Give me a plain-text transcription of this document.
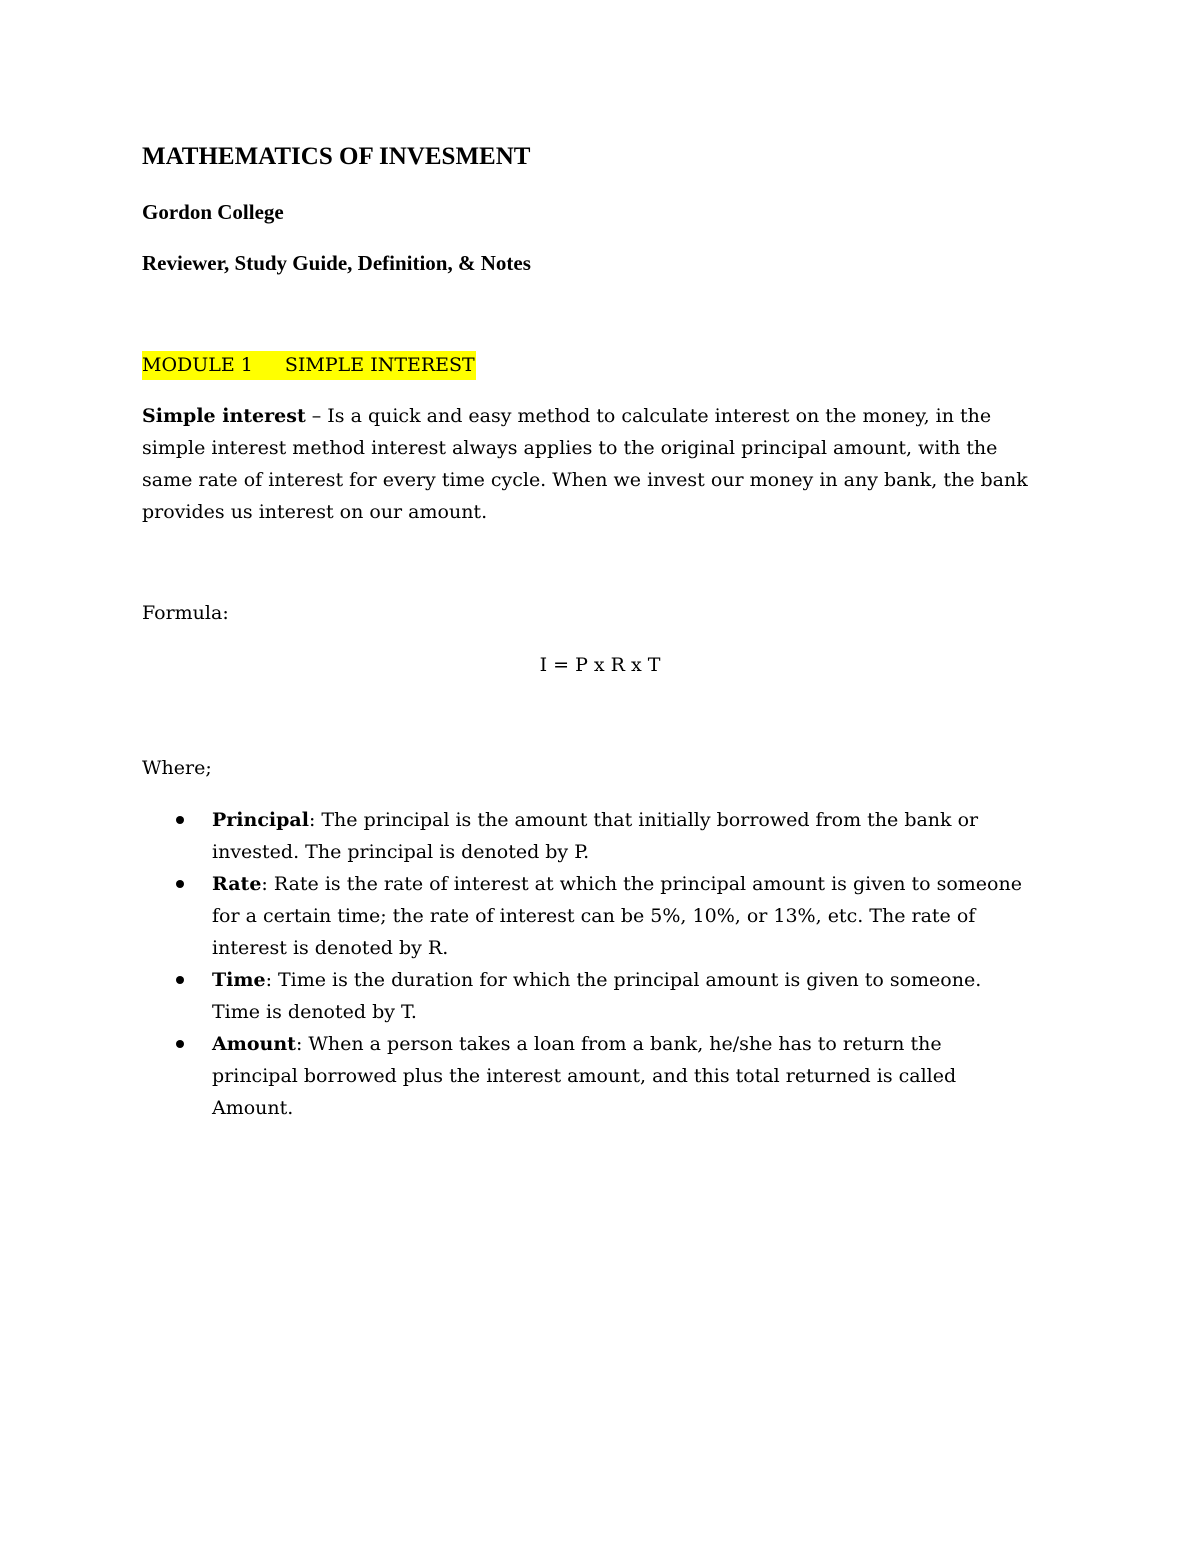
MATHEMATICS OF INVESMENT

Gordon College

Reviewer, Study Guide, Definition, & Notes

MODULE 1 SIMPLE INTEREST

Simple interest – Is a quick and easy method to calculate interest on the money, in the
simple interest method interest always applies to the original principal amount, with the
same rate of interest for every time cycle. When we invest our money in any bank, the bank
provides us interest on our amount.

Formula:

I = P x R x T

Where;

Principal: The principal is the amount that initially borrowed from the bank or
invested. The principal is denoted by P.
Rate: Rate is the rate of interest at which the principal amount is given to someone
for a certain time; the rate of interest can be 5%, 10%, or 13%, etc. The rate of
interest is denoted by R.
Time: Time is the duration for which the principal amount is given to someone.
Time is denoted by T.
Amount: When a person takes a loan from a bank, he/she has to return the
principal borrowed plus the interest amount, and this total returned is called
Amount.
